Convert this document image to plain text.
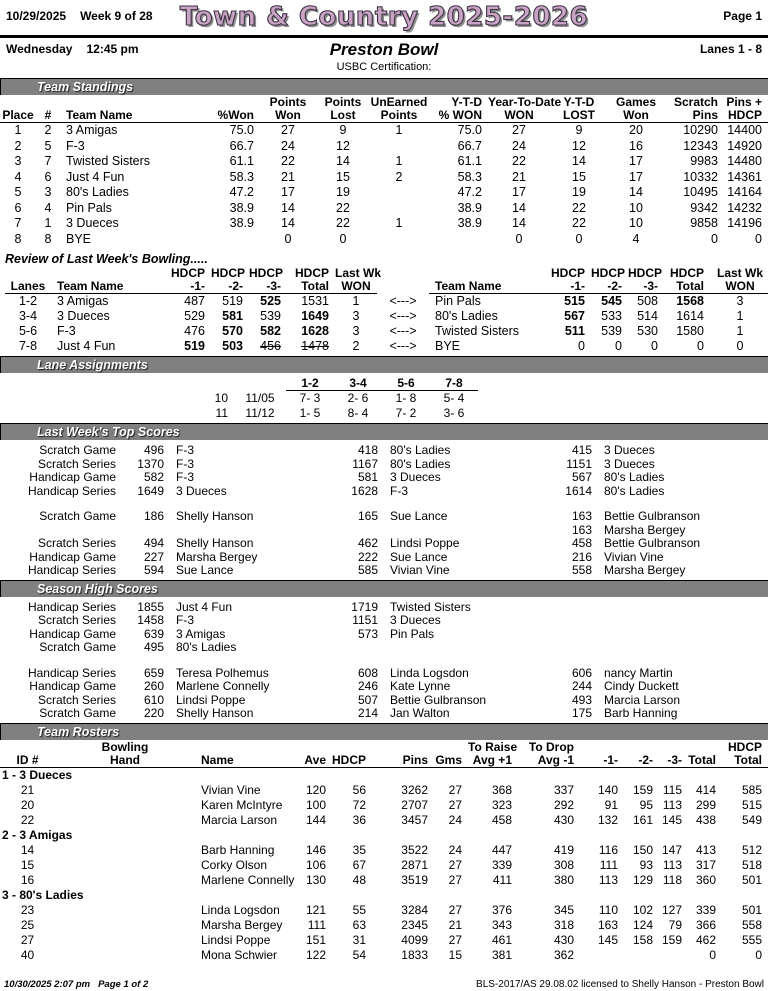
10/29/2025 Week 9 of 28	Town & Country 2025-2026	Page 1
Wednesday 12:45 pm	Preston Bowl	Lanes 1 - 8
USBC Certification:
Team Standings
				Points	Points	UnEarned	Y-T-D	Year-To-Date	Y-T-D	Games	Scratch	Pins +
Place	#	Team Name	%Won	Won	Lost	Points	% WON	WON	LOST	Won	Pins	HDCP
1	2	3 Amigas	75.0	27	9	1	75.0	27	9	20	10290	14400
2	5	F-3	66.7	24	12		66.7	24	12	16	12343	14920
3	7	Twisted Sisters	61.1	22	14	1	61.1	22	14	17	9983	14480
4	6	Just 4 Fun	58.3	21	15	2	58.3	21	15	17	10332	14361
5	3	80's Ladies	47.2	17	19		47.2	17	19	14	10495	14164
6	4	Pin Pals	38.9	14	22		38.9	14	22	10	9342	14232
7	1	3 Dueces	38.9	14	22	1	38.9	14	22	10	9858	14196
8	8	BYE		0	0			0	0	4	0	0
Review of Last Week's Bowling.....
		HDCP	HDCP	HDCP	HDCP	Last Wk			HDCP	HDCP	HDCP	HDCP	Last Wk
Lanes	Team Name	-1-	-2-	-3-	Total	WON		Team Name	-1-	-2-	-3-	Total	WON
1-2	3 Amigas	487	519	525	1531	1	<--->	Pin Pals	515	545	508	1568	3
3-4	3 Dueces	529	581	539	1649	3	<--->	80's Ladies	567	533	514	1614	1
5-6	F-3	476	570	582	1628	3	<--->	Twisted Sisters	511	539	530	1580	1
7-8	Just 4 Fun	519	503	456	1478	2	<--->	BYE	0	0	0	0	0
Lane Assignments
		1-2	3-4	5-6	7-8
10	11/05	7- 3	2- 6	1- 8	5- 4
11	11/12	1- 5	8- 4	7- 2	3- 6
Last Week's Top Scores
Scratch Game	496	F-3	418	80's Ladies	415	3 Dueces
Scratch Series	1370	F-3	1167	80's Ladies	1151	3 Dueces
Handicap Game	582	F-3	581	3 Dueces	567	80's Ladies
Handicap Series	1649	3 Dueces	1628	F-3	1614	80's Ladies
Scratch Game	186	Shelly Hanson	165	Sue Lance	163	Bettie Gulbranson
					163	Marsha Bergey
Scratch Series	494	Shelly Hanson	462	Lindsi Poppe	458	Bettie Gulbranson
Handicap Game	227	Marsha Bergey	222	Sue Lance	216	Vivian Vine
Handicap Series	594	Sue Lance	585	Vivian Vine	558	Marsha Bergey
Season High Scores
Handicap Series	1855	Just 4 Fun	1719	Twisted Sisters		
Scratch Series	1458	F-3	1151	3 Dueces		
Handicap Game	639	3 Amigas	573	Pin Pals		
Scratch Game	495	80's Ladies				
Handicap Series	659	Teresa Polhemus	608	Linda Logsdon	606	nancy Martin
Handicap Game	260	Marlene Connelly	246	Kate Lynne	244	Cindy Duckett
Scratch Series	610	Lindsi Poppe	507	Bettie Gulbranson	493	Marcia Larson
Scratch Game	220	Shelly Hanson	214	Jan Walton	175	Barb Hanning
Team Rosters
	Bowling						To Raise	To Drop					HDCP
ID #	Hand	Name	Ave	HDCP	Pins	Gms	Avg +1	Avg -1	-1-	-2-	-3-	Total	Total
1 - 3 Dueces													
21		Vivian Vine	120	56	3262	27	368	337	140	159	115	414	585
20		Karen McIntyre	100	72	2707	27	323	292	91	95	113	299	515
22		Marcia Larson	144	36	3457	24	458	430	132	161	145	438	549
2 - 3 Amigas													
14		Barb Hanning	146	35	3522	24	447	419	116	150	147	413	512
15		Corky Olson	106	67	2871	27	339	308	111	93	113	317	518
16		Marlene Connelly	130	48	3519	27	411	380	113	129	118	360	501
3 - 80's Ladies													
23		Linda Logsdon	121	55	3284	27	376	345	110	102	127	339	501
25		Marsha Bergey	111	63	2345	21	343	318	163	124	79	366	558
27		Lindsi Poppe	151	31	4099	27	461	430	145	158	159	462	555
40		Mona Schwier	122	54	1833	15	381	362				0	0
10/30/2025 2:07 pm Page 1 of 2	BLS-2017/AS 29.08.02 licensed to Shelly Hanson - Preston Bowl
